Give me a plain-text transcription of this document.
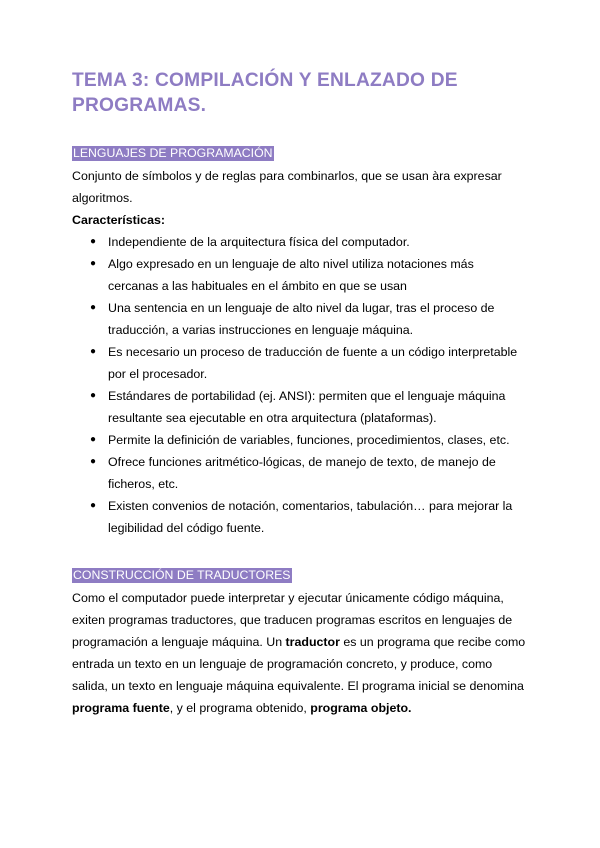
TEMA 3: COMPILACIÓN Y ENLAZADO DE PROGRAMAS.
LENGUAJES DE PROGRAMACIÓN

Conjunto de símbolos y de reglas para combinarlos, que se usan àra expresar algoritmos.

Características:
● Independiente de la arquitectura física del computador.
● Algo expresado en un lenguaje de alto nivel utiliza notaciones más cercanas a las habituales en el ámbito en que se usan
● Una sentencia en un lenguaje de alto nivel da lugar, tras el proceso de traducción, a varias instrucciones en lenguaje máquina.
● Es necesario un proceso de traducción de fuente a un código interpretable por el procesador.
● Estándares de portabilidad (ej. ANSI): permiten que el lenguaje máquina resultante sea ejecutable en otra arquitectura (plataformas).
● Permite la definición de variables, funciones, procedimientos, clases, etc.
● Ofrece funciones aritmético-lógicas, de manejo de texto, de manejo de ficheros, etc.
● Existen convenios de notación, comentarios, tabulación… para mejorar la legibilidad del código fuente.
CONSTRUCCIÓN DE TRADUCTORES

Como el computador puede interpretar y ejecutar únicamente código máquina, exiten programas traductores, que traducen programas escritos en lenguajes de programación a lenguaje máquina. Un traductor es un programa que recibe como entrada un texto en un lenguaje de programación concreto, y produce, como salida, un texto en lenguaje máquina equivalente. El programa inicial se denomina programa fuente, y el programa obtenido, programa objeto.
